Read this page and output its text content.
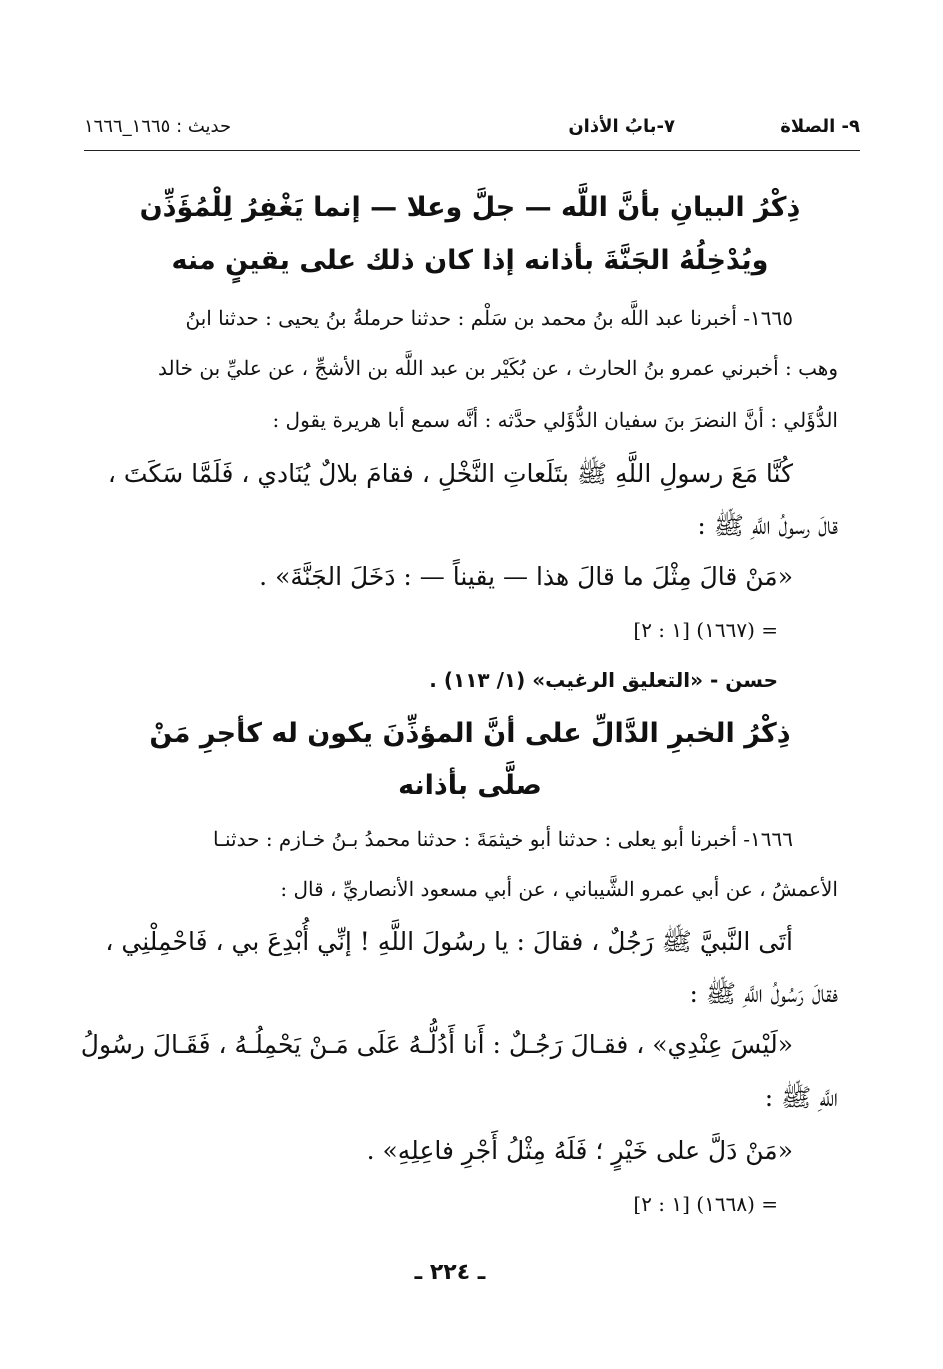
٩- الصلاة
٧-بابُ الأذان
حديث : ١٦٦٥_١٦٦٦
ذِكْرُ البيانِ بأنَّ اللَّه — جلَّ وعلا — إنما يَغْفِرُ لِلْمُؤَذِّن
ويُدْخِلُهُ الجَنَّةَ بأذانه إذا كان ذلك على يقينٍ منه
١٦٦٥- أخبرنا عبد اللَّه بنُ محمد بن سَلْم : حدثنا حرملةُ بنُ يحيى : حدثنا ابنُ
وهب : أخبرني عمرو بنُ الحارث ، عن بُكَيْر بن عبد اللَّه بن الأشجِّ ، عن عليِّ بن خالد
الدُّؤَلي : أنَّ النضرَ بنَ سفيان الدُّؤَلي حدَّثه : أنَّه سمع أبا هريرة يقول :
كُنَّا مَعَ رسولِ اللَّهِ ﷺ بتَلَعاتِ النَّخْلِ ، فقامَ بلالٌ يُنَادي ، فَلَمَّا سَكَتَ ،
قالَ رسولُ اللَّهِ ﷺ :
«مَنْ قالَ مِثْلَ ما قالَ هذا — يقيناً — : دَخَلَ الجَنَّةَ» .
= (١٦٦٧) [١ : ٢]
حسن - «التعليق الرغيب» (١/ ١١٣) .
ذِكْرُ الخبرِ الدَّالِّ على أنَّ المؤذِّنَ يكون له كأجرِ مَنْ
صلَّى بأذانه
١٦٦٦- أخبرنا أبو يعلى : حدثنا أبو خيثمَةَ : حدثنا محمدُ بـنُ خـازم : حدثنـا
الأعمشُ ، عن أبي عمرو الشَّيباني ، عن أبي مسعود الأنصاريِّ ، قال :
أتَى النَّبيَّ ﷺ رَجُلٌ ، فقالَ : يا رسُولَ اللَّهِ ! إنِّي أُبْدِعَ بي ، فَاحْمِلْنِي ،
فقالَ رَسُولُ اللَّهِ ﷺ :
«لَيْسَ عِنْدِي» ، فقـالَ رَجُـلٌ : أَنا أَدُلُّـهُ عَلَى مَـنْ يَحْمِلُـهُ ، فَقَـالَ رسُولُ
اللَّهِ ﷺ :
«مَنْ دَلَّ على خَيْرٍ ؛ فَلَهُ مِثْلُ أَجْرِ فاعِلِهِ» .
= (١٦٦٨) [١ : ٢]
ـ ٢٢٤ ـ
